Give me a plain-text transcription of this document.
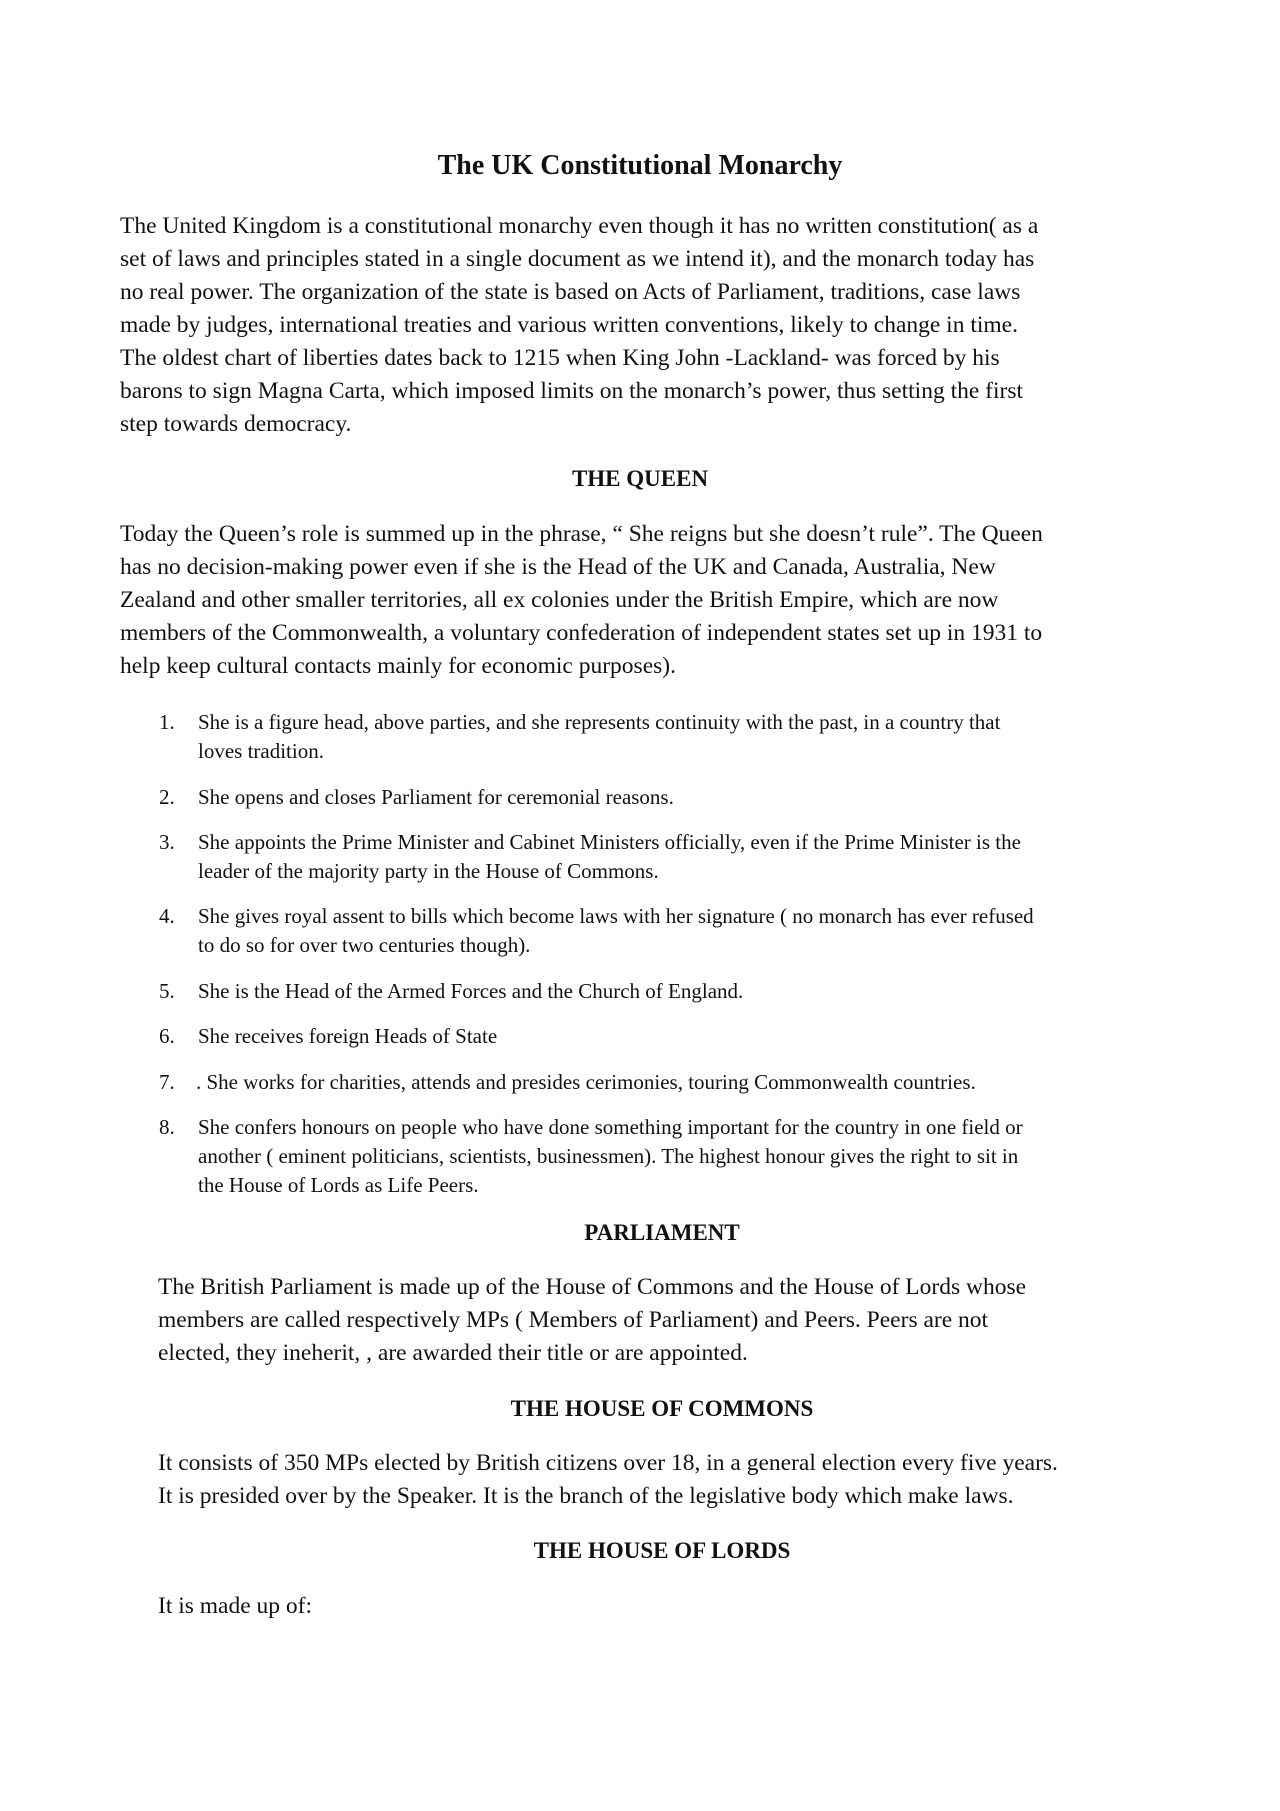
The UK Constitutional Monarchy

The United Kingdom is a constitutional monarchy even though it has no written constitution( as a
set of laws and principles stated in a single document as we intend it), and the monarch today has
no real power. The organization of the state is based on Acts of Parliament, traditions, case laws
made by judges, international treaties and various written conventions, likely to change in time.
The oldest chart of liberties dates back to 1215 when King John -Lackland- was forced by his
barons to sign Magna Carta, which imposed limits on the monarch’s power, thus setting the first
step towards democracy.

THE QUEEN

Today the Queen’s role is summed up in the phrase, “ She reigns but she doesn’t rule”. The Queen
has no decision-making power even if she is the Head of the UK and Canada, Australia, New
Zealand and other smaller territories, all ex colonies under the British Empire, which are now
members of the Commonwealth, a voluntary confederation of independent states set up in 1931 to
help keep cultural contacts mainly for economic purposes).

1. She is a figure head, above parties, and she represents continuity with the past, in a country that
loves tradition.
2. She opens and closes Parliament for ceremonial reasons.
3. She appoints the Prime Minister and Cabinet Ministers officially, even if the Prime Minister is the
leader of the majority party in the House of Commons.
4. She gives royal assent to bills which become laws with her signature ( no monarch has ever refused
to do so for over two centuries though).
5. She is the Head of the Armed Forces and the Church of England.
6. She receives foreign Heads of State
7. . She works for charities, attends and presides cerimonies, touring Commonwealth countries.
8. She confers honours on people who have done something important for the country in one field or
another ( eminent politicians, scientists, businessmen). The highest honour gives the right to sit in
the House of Lords as Life Peers.
PARLIAMENT

The British Parliament is made up of the House of Commons and the House of Lords whose
members are called respectively MPs ( Members of Parliament) and Peers. Peers are not
elected, they ineherit, , are awarded their title or are appointed.

THE HOUSE OF COMMONS

It consists of 350 MPs elected by British citizens over 18, in a general election every five years.
It is presided over by the Speaker. It is the branch of the legislative body which make laws.

THE HOUSE OF LORDS

It is made up of:
